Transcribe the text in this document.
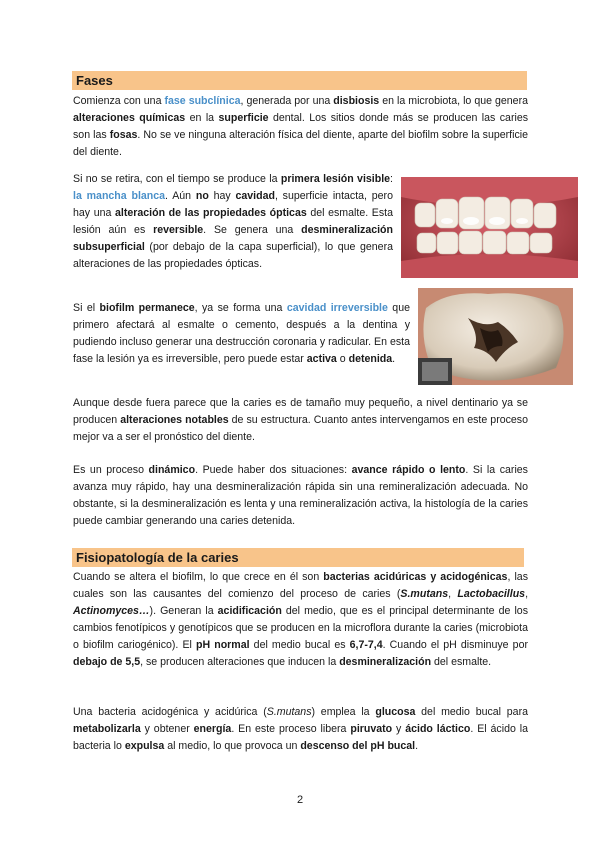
Fases

Comienza con una fase subclínica, generada por una disbiosis en la microbiota, lo que genera alteraciones químicas en la superficie dental. Los sitios donde más se producen las caries son las fosas. No se ve ninguna alteración física del diente, aparte del biofilm sobre la superficie del diente.

Si no se retira, con el tiempo se produce la primera lesión visible: la mancha blanca. Aún no hay cavidad, superficie intacta, pero hay una alteración de las propiedades ópticas del esmalte. Esta lesión aún es reversible. Se genera una desmineralización subsuperficial (por debajo de la capa superficial), lo que genera alteraciones de las propiedades ópticas.

Si el biofilm permanece, ya se forma una cavidad irreversible que primero afectará al esmalte o cemento, después a la dentina y pudiendo incluso generar una destrucción coronaria y radicular. En esta fase la lesión ya es irreversible, pero puede estar activa o detenida.

Aunque desde fuera parece que la caries es de tamaño muy pequeño, a nivel dentinario ya se producen alteraciones notables de su estructura. Cuanto antes intervengamos en este proceso mejor va a ser el pronóstico del diente.

Es un proceso dinámico. Puede haber dos situaciones: avance rápido o lento. Si la caries avanza muy rápido, hay una desmineralización rápida sin una remineralización adecuada. No obstante, si la desmineralización es lenta y una remineralización activa, la histología de la caries puede cambiar generando una caries detenida.

Fisiopatología de la caries

Cuando se altera el biofilm, lo que crece en él son bacterias acidúricas y acidogénicas, las cuales son las causantes del comienzo del proceso de caries (S.mutans, Lactobacillus, Actinomyces…). Generan la acidificación del medio, que es el principal determinante de los cambios fenotípicos y genotípicos que se producen en la microflora durante la caries (microbiota o biofilm cariogénico). El pH normal del medio bucal es 6,7-7,4. Cuando el pH disminuye por debajo de 5,5, se producen alteraciones que inducen la desmineralización del esmalte.

Una bacteria acidogénica y acidúrica (S.mutans) emplea la glucosa del medio bucal para metabolizarla y obtener energía. En este proceso libera piruvato y ácido láctico. El ácido la bacteria lo expulsa al medio, lo que provoca un descenso del pH bucal.

2
